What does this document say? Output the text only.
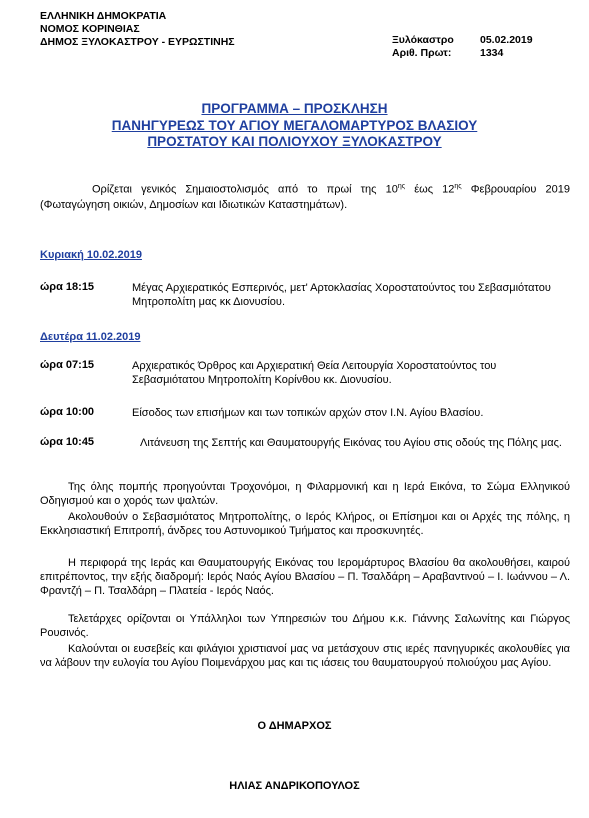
ΕΛΛΗΝΙΚΗ ΔΗΜΟΚΡΑΤΙΑ
ΝΟΜΟΣ ΚΟΡΙΝΘΙΑΣ
ΔΗΜΟΣ ΞΥΛΟΚΑΣΤΡΟΥ - ΕΥΡΩΣΤΙΝΗΣ	Ξυλόκαστρο	05.02.2019
Αριθ. Πρωτ:	1334
ΠΡΟΓΡΑΜΜΑ – ΠΡΟΣΚΛΗΣΗ
ΠΑΝΗΓΥΡΕΩΣ ΤΟΥ ΑΓΙΟΥ ΜΕΓΑΛΟΜΑΡΤΥΡΟΣ ΒΛΑΣΙΟΥ
ΠΡΟΣΤΑΤΟΥ ΚΑΙ ΠΟΛΙΟΥΧΟΥ ΞΥΛΟΚΑΣΤΡΟΥ
Ορίζεται γενικός Σημαιοστολισμός από το πρωί της $10^{\eta\varsigma}$ έως $12^{\eta\varsigma}$ Φεβρουαρίου 2019 (Φωταγώγηση οικιών, Δημοσίων και Ιδιωτικών Καταστημάτων).
Κυριακή 10.02.2019
ώρα 18:15	Μέγας Αρχιερατικός Εσπερινός, μετ' Αρτοκλασίας Χοροστατούντος του Σεβασμιότατου Μητροπολίτη μας κκ Διονυσίου.
Δευτέρα 11.02.2019
ώρα 07:15	Αρχιερατικός Όρθρος και Αρχιερατική Θεία Λειτουργία Χοροστατούντος του Σεβασμιότατου Μητροπολίτη Κορίνθου κκ. Διονυσίου.
ώρα 10:00	Είσοδος των επισήμων και των τοπικών αρχών στον Ι.Ν. Αγίου Βλασίου.
ώρα 10:45	Λιτάνευση της Σεπτής και Θαυματουργής Εικόνας του Αγίου στις οδούς της Πόλης μας.
Της όλης πομπής προηγούνται Τροχονόμοι, η Φιλαρμονική και η Ιερά Εικόνα, το Σώμα Ελληνικού Οδηγισμού και ο χορός των ψαλτών.
Ακολουθούν ο Σεβασμιότατος Μητροπολίτης, ο Ιερός Κλήρος, οι Επίσημοι και οι Αρχές της πόλης, η Εκκλησιαστική Επιτροπή, άνδρες του Αστυνομικού Τμήματος και προσκυνητές.
Η περιφορά της Ιεράς και Θαυματουργής Εικόνας του Ιερομάρτυρος Βλασίου θα ακολουθήσει, καιρού επιτρέποντος, την εξής διαδρομή: Ιερός Ναός Αγίου Βλασίου – Π. Τσαλδάρη – Αραβαντινού – Ι. Ιωάννου – Λ. Φραντζή – Π. Τσαλδάρη – Πλατεία - Ιερός Ναός.
Τελετάρχες ορίζονται οι Υπάλληλοι των Υπηρεσιών του Δήμου κ.κ. Γιάννης Σαλωνίτης και Γιώργος Ρουσινός.
Καλούνται οι ευσεβείς και φιλάγιοι χριστιανοί μας να μετάσχουν στις ιερές πανηγυρικές ακολουθίες για να λάβουν την ευλογία του Αγίου Ποιμενάρχου μας και τις ιάσεις του θαυματουργού πολιούχου μας Αγίου.
Ο ΔΗΜΑΡΧΟΣ
ΗΛΙΑΣ ΑΝΔΡΙΚΟΠΟΥΛΟΣ
